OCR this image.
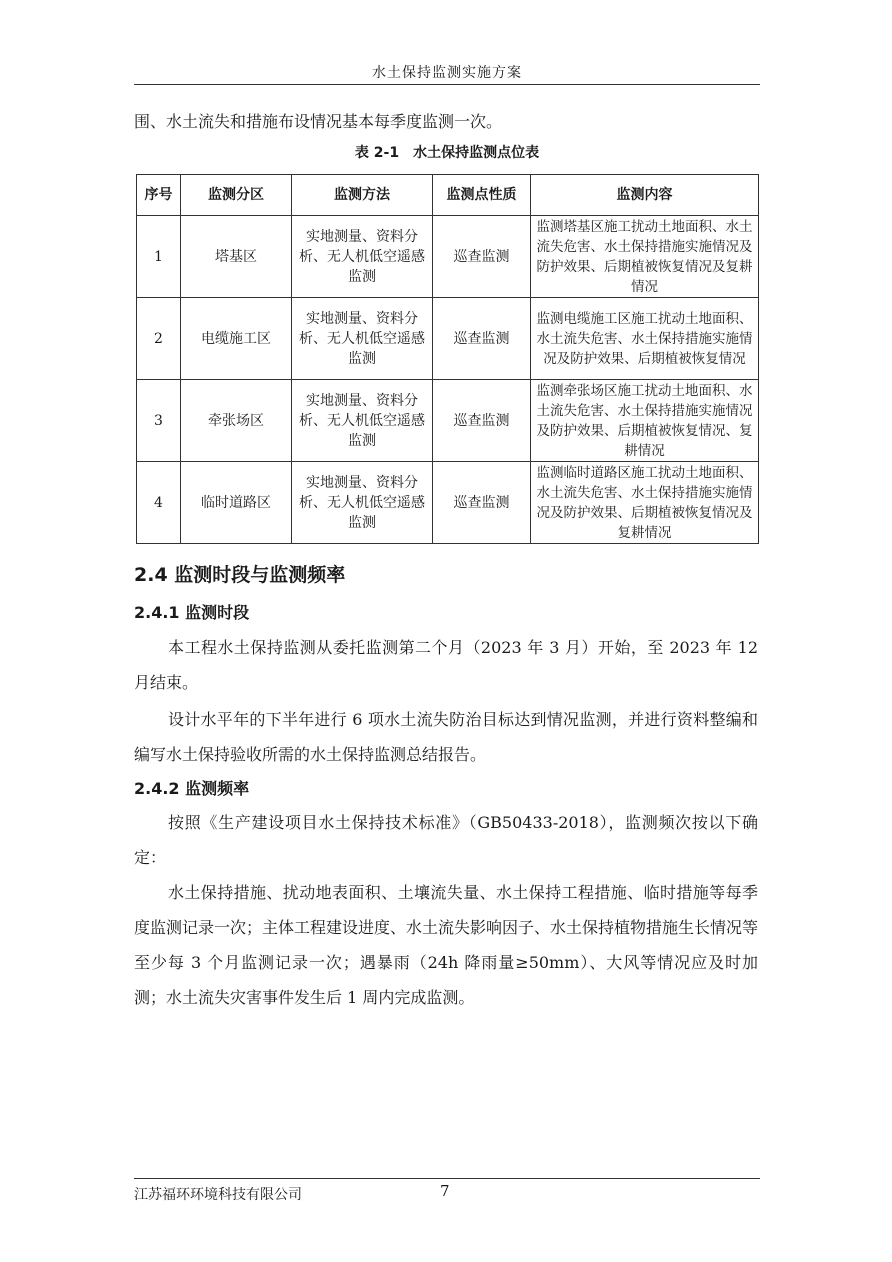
水土保持监测实施方案

围、水土流失和措施布设情况基本每季度监测一次。

表 2-1　水土保持监测点位表
序号	监测分区	监测方法	监测点性质	监测内容
1	塔基区	实地测量、资料分析、无人机低空遥感监测	巡查监测	监测塔基区施工扰动土地面积、水土流失危害、水土保持措施实施情况及防护效果、后期植被恢复情况及复耕情况
2	电缆施工区	实地测量、资料分析、无人机低空遥感监测	巡查监测	监测电缆施工区施工扰动土地面积、水土流失危害、水土保持措施实施情况及防护效果、后期植被恢复情况
3	牵张场区	实地测量、资料分析、无人机低空遥感监测	巡查监测	监测牵张场区施工扰动土地面积、水土流失危害、水土保持措施实施情况及防护效果、后期植被恢复情况、复耕情况
4	临时道路区	实地测量、资料分析、无人机低空遥感监测	巡查监测	监测临时道路区施工扰动土地面积、水土流失危害、水土保持措施实施情况及防护效果、后期植被恢复情况及复耕情况
2.4 监测时段与监测频率
2.4.1 监测时段

本工程水土保持监测从委托监测第二个月（2023 年 3 月）开始，至 2023 年 12 月结束。

设计水平年的下半年进行 6 项水土流失防治目标达到情况监测，并进行资料整编和编写水土保持验收所需的水土保持监测总结报告。

2.4.2 监测频率

按照《生产建设项目水土保持技术标准》（GB50433-2018），监测频次按以下确定：

水土保持措施、扰动地表面积、土壤流失量、水土保持工程措施、临时措施等每季度监测记录一次；主体工程建设进度、水土流失影响因子、水土保持植物措施生长情况等至少每 3 个月监测记录一次；遇暴雨（24h 降雨量≥50mm）、大风等情况应及时加测；水土流失灾害事件发生后 1 周内完成监测。

江苏福环环境科技有限公司	7
